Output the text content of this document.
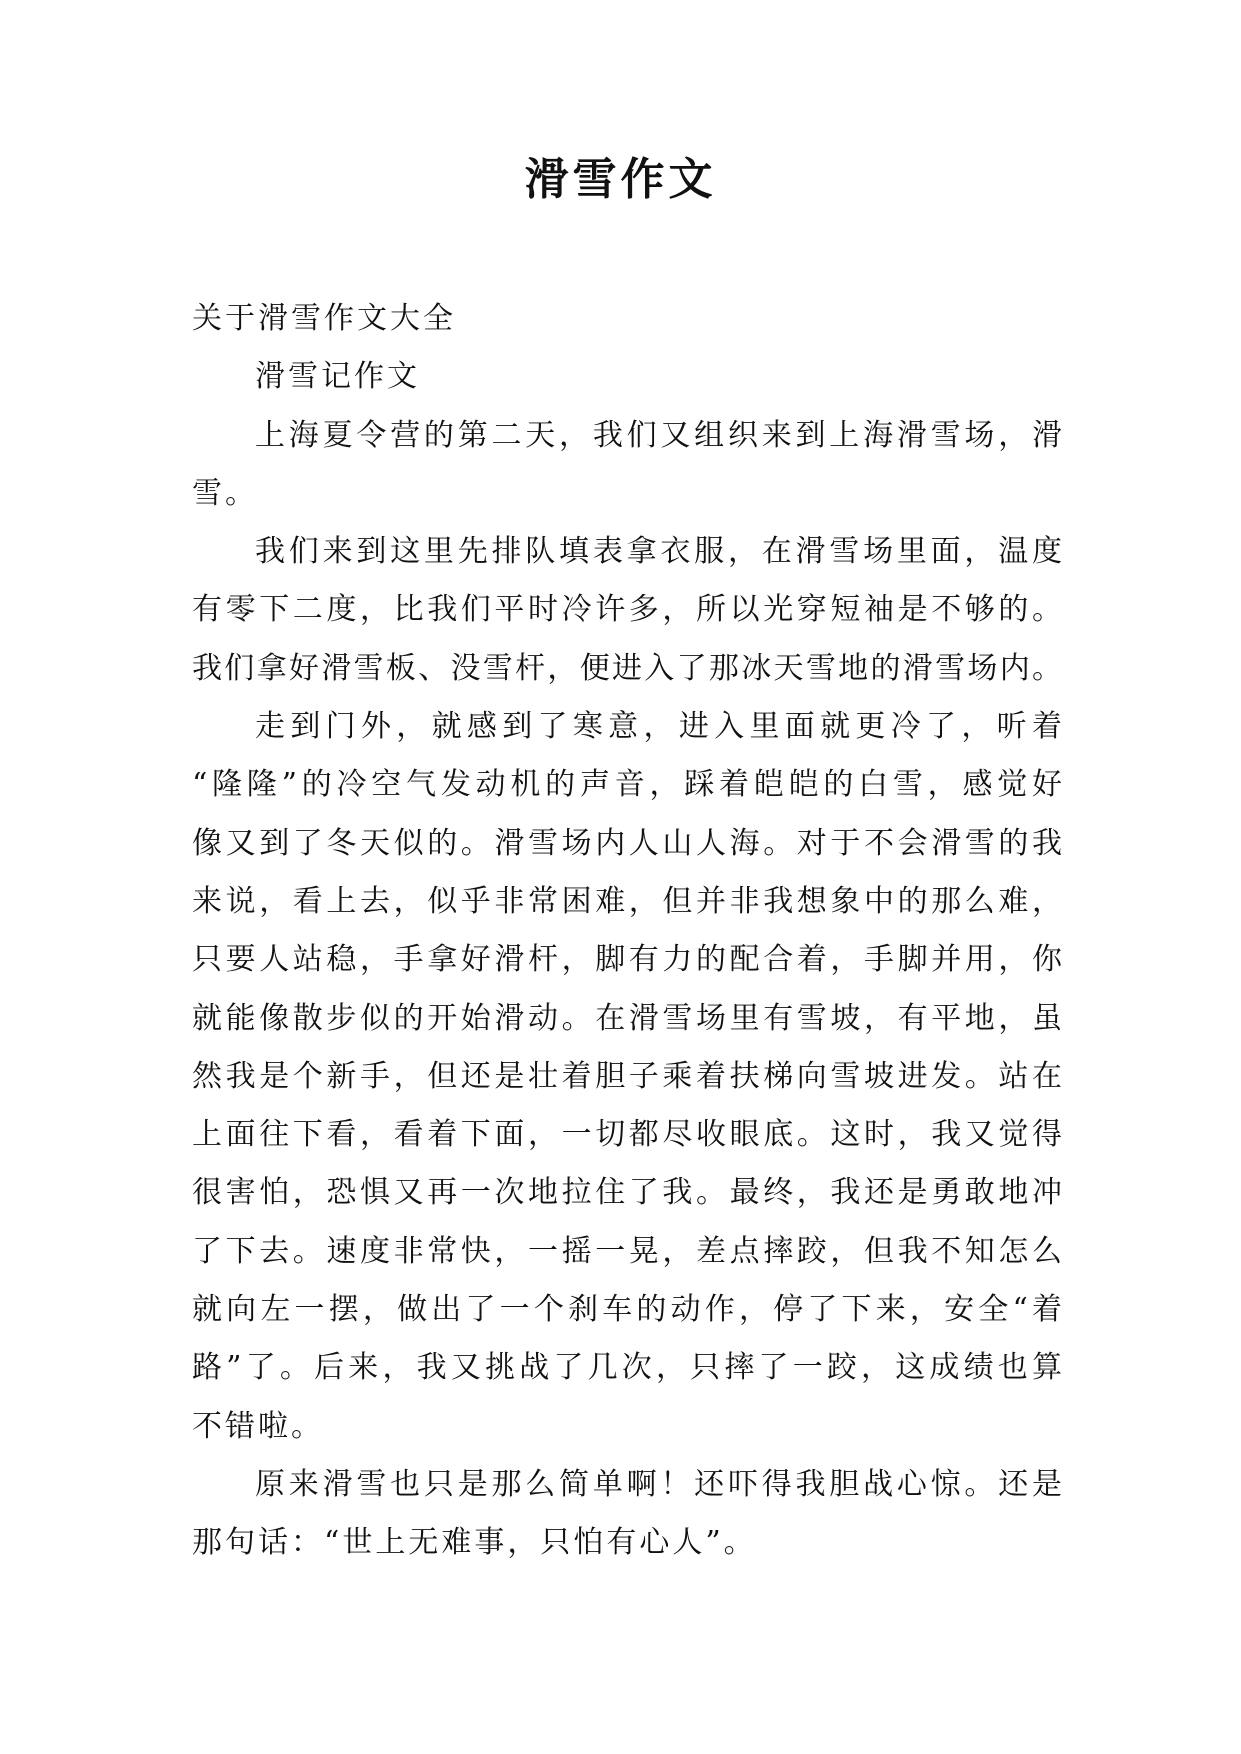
滑雪作文
关于滑雪作文大全
滑雪记作文
上海夏令营的第二天，我们又组织来到上海滑雪场，滑
雪。
我们来到这里先排队填表拿衣服，在滑雪场里面，温度
有零下二度，比我们平时冷许多，所以光穿短袖是不够的。
我们拿好滑雪板、没雪杆，便进入了那冰天雪地的滑雪场内。
走到门外，就感到了寒意，进入里面就更冷了，听着
“隆隆”的冷空气发动机的声音，踩着皑皑的白雪，感觉好
像又到了冬天似的。滑雪场内人山人海。对于不会滑雪的我
来说，看上去，似乎非常困难，但并非我想象中的那么难，
只要人站稳，手拿好滑杆，脚有力的配合着，手脚并用，你
就能像散步似的开始滑动。在滑雪场里有雪坡，有平地，虽
然我是个新手，但还是壮着胆子乘着扶梯向雪坡进发。站在
上面往下看，看着下面，一切都尽收眼底。这时，我又觉得
很害怕，恐惧又再一次地拉住了我。最终，我还是勇敢地冲
了下去。速度非常快，一摇一晃，差点摔跤，但我不知怎么
就向左一摆，做出了一个刹车的动作，停了下来，安全“着
路”了。后来，我又挑战了几次，只摔了一跤，这成绩也算
不错啦。
原来滑雪也只是那么简单啊！还吓得我胆战心惊。还是
那句话：“世上无难事，只怕有心人”。
